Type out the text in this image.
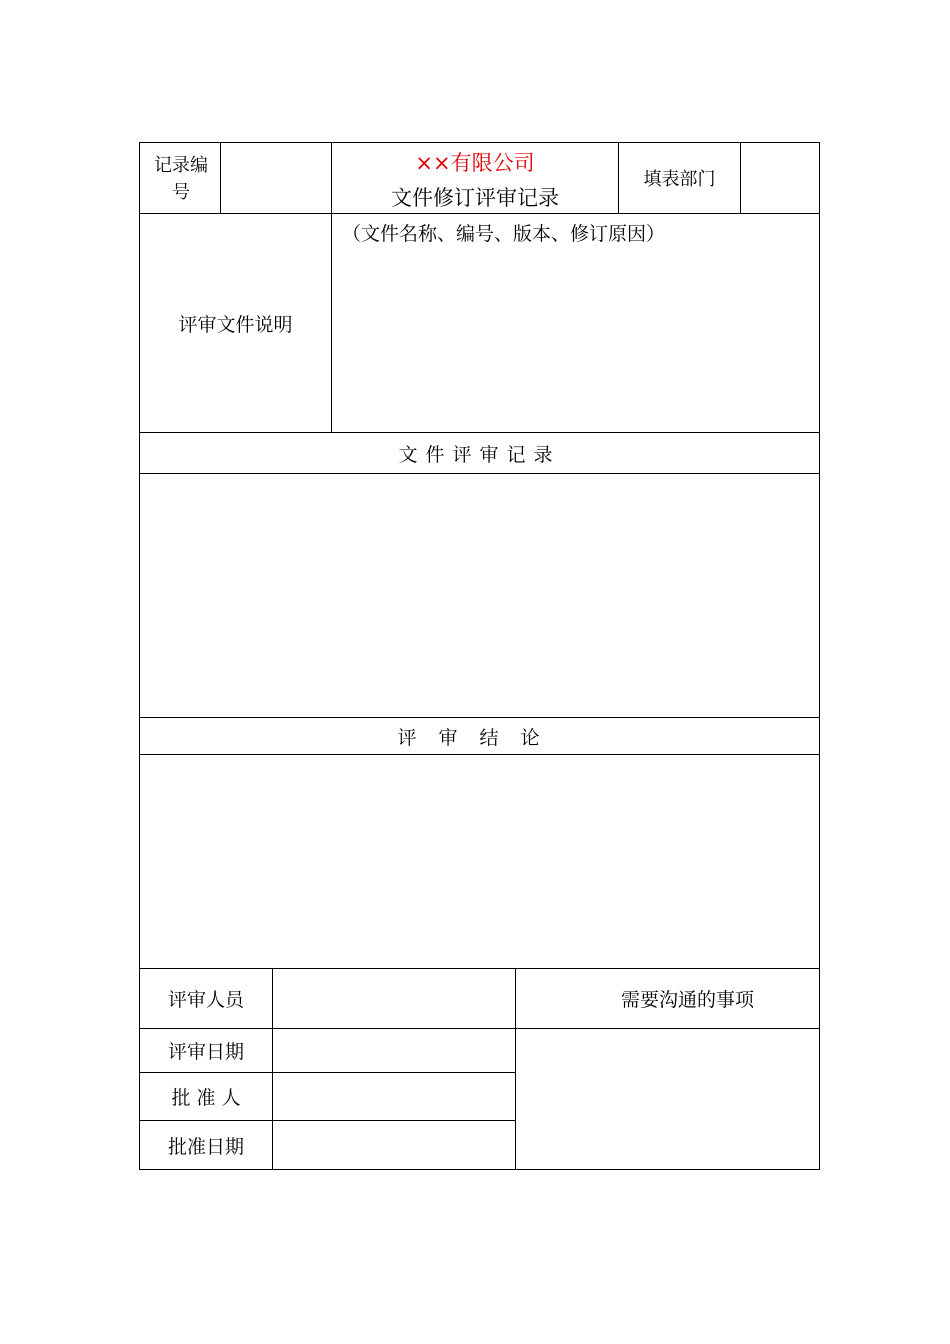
记录编号
××有限公司
文件修订评审记录
填表部门
评审文件说明
（文件名称、编号、版本、修订原因）
文件评审记录
评审结论
评审人员	需要沟通的事项
评审日期
批 准 人
批准日期
